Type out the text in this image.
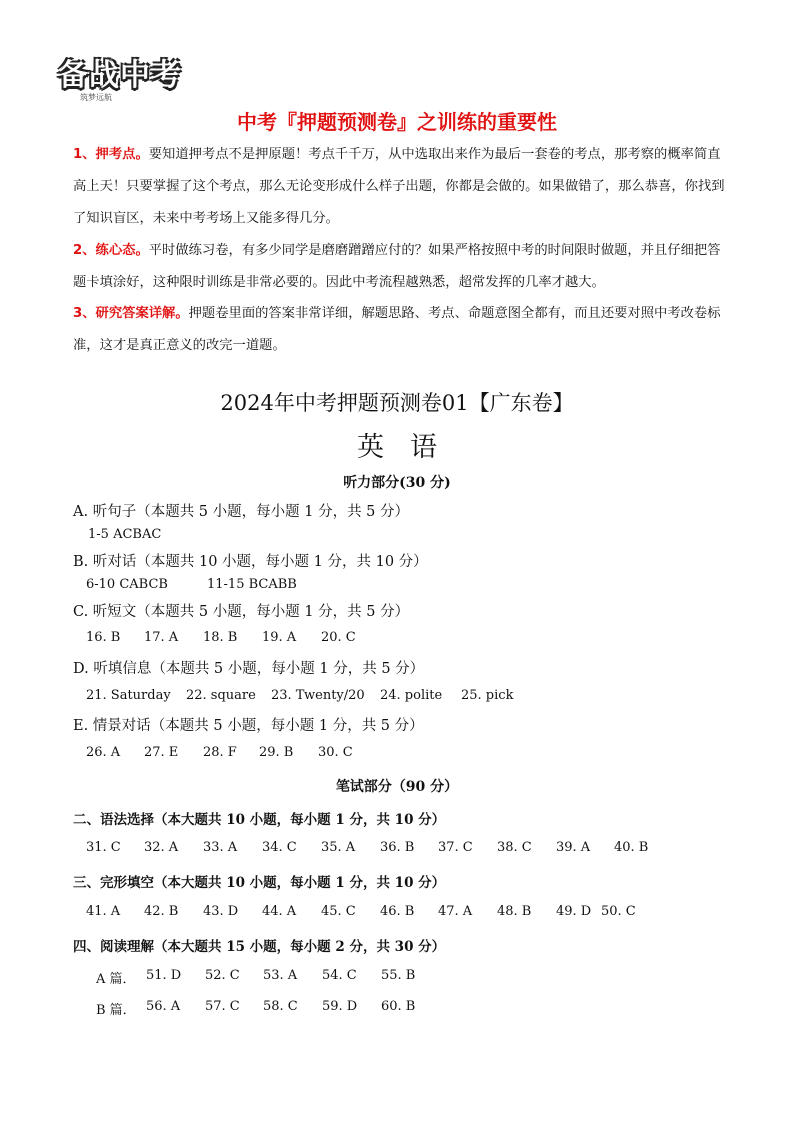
备战中考
筑梦远航
中考『押题预测卷』之训练的重要性
1、押考点。要知道押考点不是押原题！考点千千万，从中选取出来作为最后一套卷的考点，那考察的概率简直高上天！只要掌握了这个考点，那么无论变形成什么样子出题，你都是会做的。如果做错了，那么恭喜，你找到了知识盲区，未来中考考场上又能多得几分。
2、练心态。平时做练习卷，有多少同学是磨磨蹭蹭应付的？如果严格按照中考的时间限时做题，并且仔细把答题卡填涂好，这种限时训练是非常必要的。因此中考流程越熟悉，超常发挥的几率才越大。
3、研究答案详解。押题卷里面的答案非常详细，解题思路、考点、命题意图全都有，而且还要对照中考改卷标准，这才是真正意义的改完一道题。
2024年中考押题预测卷01【广东卷】
英语
听力部分(30 分)
A. 听句子（本题共 5 小题，每小题 1 分，共 5 分）
1-5 ACBAC
B. 听对话（本题共 10 小题，每小题 1 分，共 10 分）
6-10 CABCB	11-15 BCABB
C. 听短文（本题共 5 小题，每小题 1 分，共 5 分）
16. B 17. A 18. B 19. A 20. C
D. 听填信息（本题共 5 小题，每小题 1 分，共 5 分）
21. Saturday 22. square 23. Twenty/20 24. polite 25. pick
E. 情景对话（本题共 5 小题，每小题 1 分，共 5 分）
26. A 27. E 28. F 29. B 30. C
笔试部分（90 分）
二、语法选择（本大题共 10 小题，每小题 1 分，共 10 分）
31. C 32. A 33. A 34. C 35. A 36. B 37. C 38. C 39. A 40. B
三、完形填空（本大题共 10 小题，每小题 1 分，共 10 分）
41. A 42. B 43. D 44. A 45. C 46. B 47. A 48. B 49. D 50. C
四、阅读理解（本大题共 15 小题，每小题 2 分，共 30 分）
A 篇． 51. D 52. C 53. A 54. C 55. B
B 篇． 56. A 57. C 58. C 59. D 60. B
